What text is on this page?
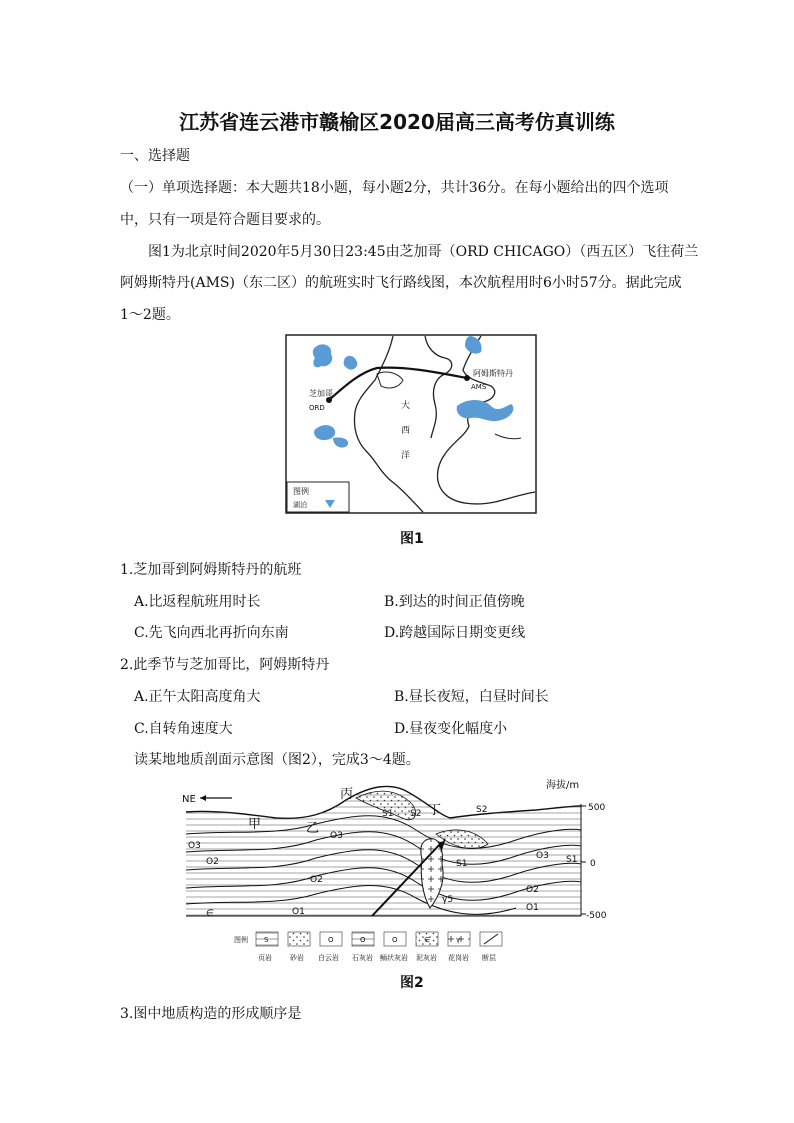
江苏省连云港市赣榆区2020届高三高考仿真训练
一、选择题
（一）单项选择题：本大题共18小题，每小题2分，共计36分。在每小题给出的四个选项
中，只有一项是符合题目要求的。
图1为北京时间2020年5月30日23:45由芝加哥（ORD CHICAGO）（西五区）飞往荷兰
阿姆斯特丹(AMS)（东二区）的航班实时飞行路线图，本次航程用时6小时57分。据此完成
1～2题。
芝加哥
ORD
阿姆斯特丹
AMS
大
西
洋
图例
湖泊
图1
1.芝加哥到阿姆斯特丹的航班
A.比返程航班用时长	B.到达的时间正值傍晚
C.先飞向西北再折向东南	D.跨越国际日期变更线
2.此季节与芝加哥比，阿姆斯特丹
A.正午太阳高度角大	B.昼长夜短，白昼时间长
C.自转角速度大	D.昼夜变化幅度小
读某地地质剖面示意图（图2），完成3～4题。
NE
甲	乙
丙
丁
O3
O2
O1
∈
O3
O2
S1 S2
S1
S2
O3 S1
O2
O1
γ5
海拔/m
500
0
-500
图例 S	O	O	O	∈	γ
页岩	砂岩 白云岩 石灰岩 鲕状灰岩 泥灰岩 花岗岩 断层
图2
3.图中地质构造的形成顺序是
